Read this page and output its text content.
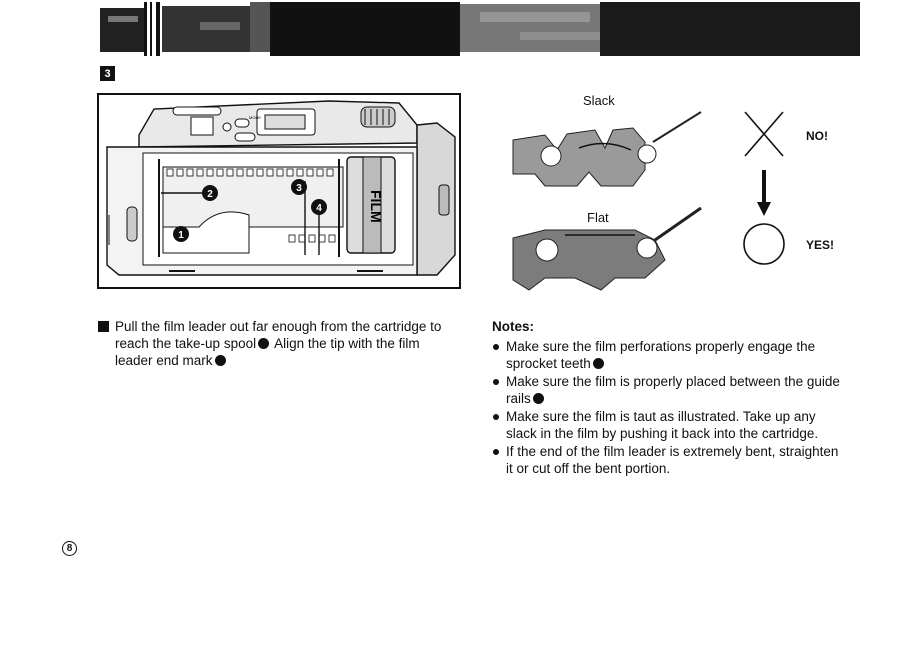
3
MODE
FILM
1
2
3
4
Slack
Flat
NO!
YES!
Pull the film leader out far enough from the cartridge to
reach the take-up spool Align the tip with the film
leader end mark
Notes:
Make sure the film perforations properly engage the
sprocket teeth
Make sure the film is properly placed between the guide
rails
Make sure the film is taut as illustrated. Take up any
slack in the film by pushing it back into the cartridge.
If the end of the film leader is extremely bent, straighten
it or cut off the bent portion.
8
